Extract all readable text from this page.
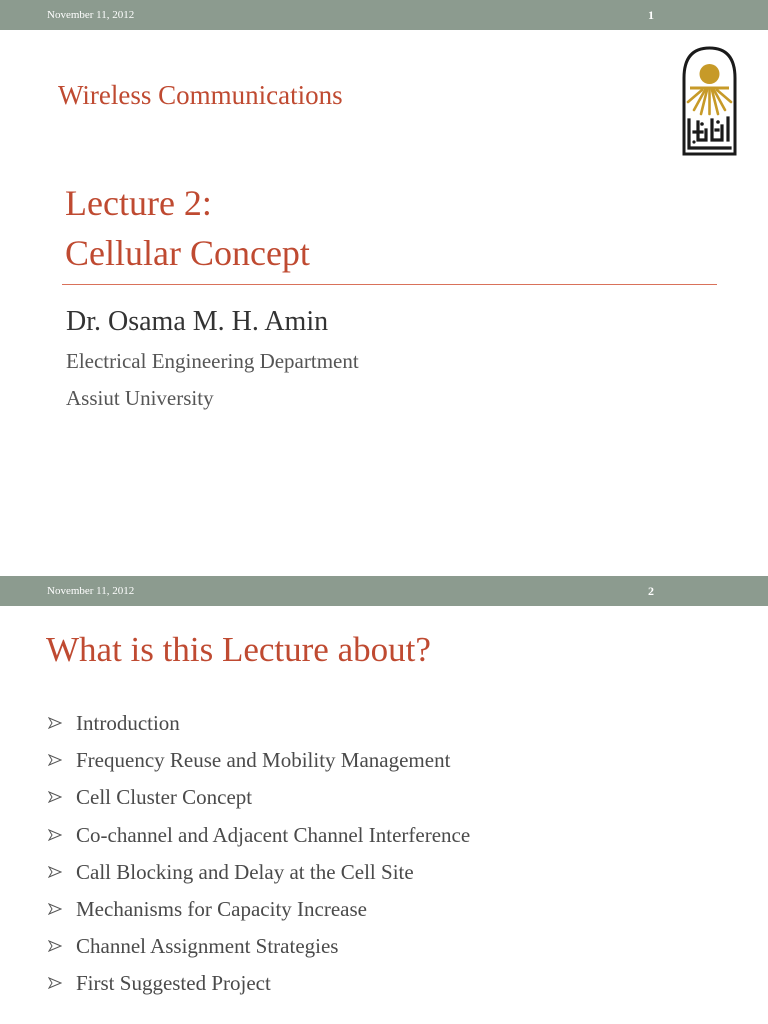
November 11, 2012	1
Wireless Communications
Lecture 2:
Cellular Concept
Dr. Osama M. H. Amin
Electrical Engineering Department
Assiut University
November 11, 2012	2
What is this Lecture about?
Introduction
Frequency Reuse and Mobility Management
Cell Cluster Concept
Co-channel and Adjacent Channel Interference
Call Blocking and Delay at the Cell Site
Mechanisms for Capacity Increase
Channel Assignment Strategies
First Suggested Project
